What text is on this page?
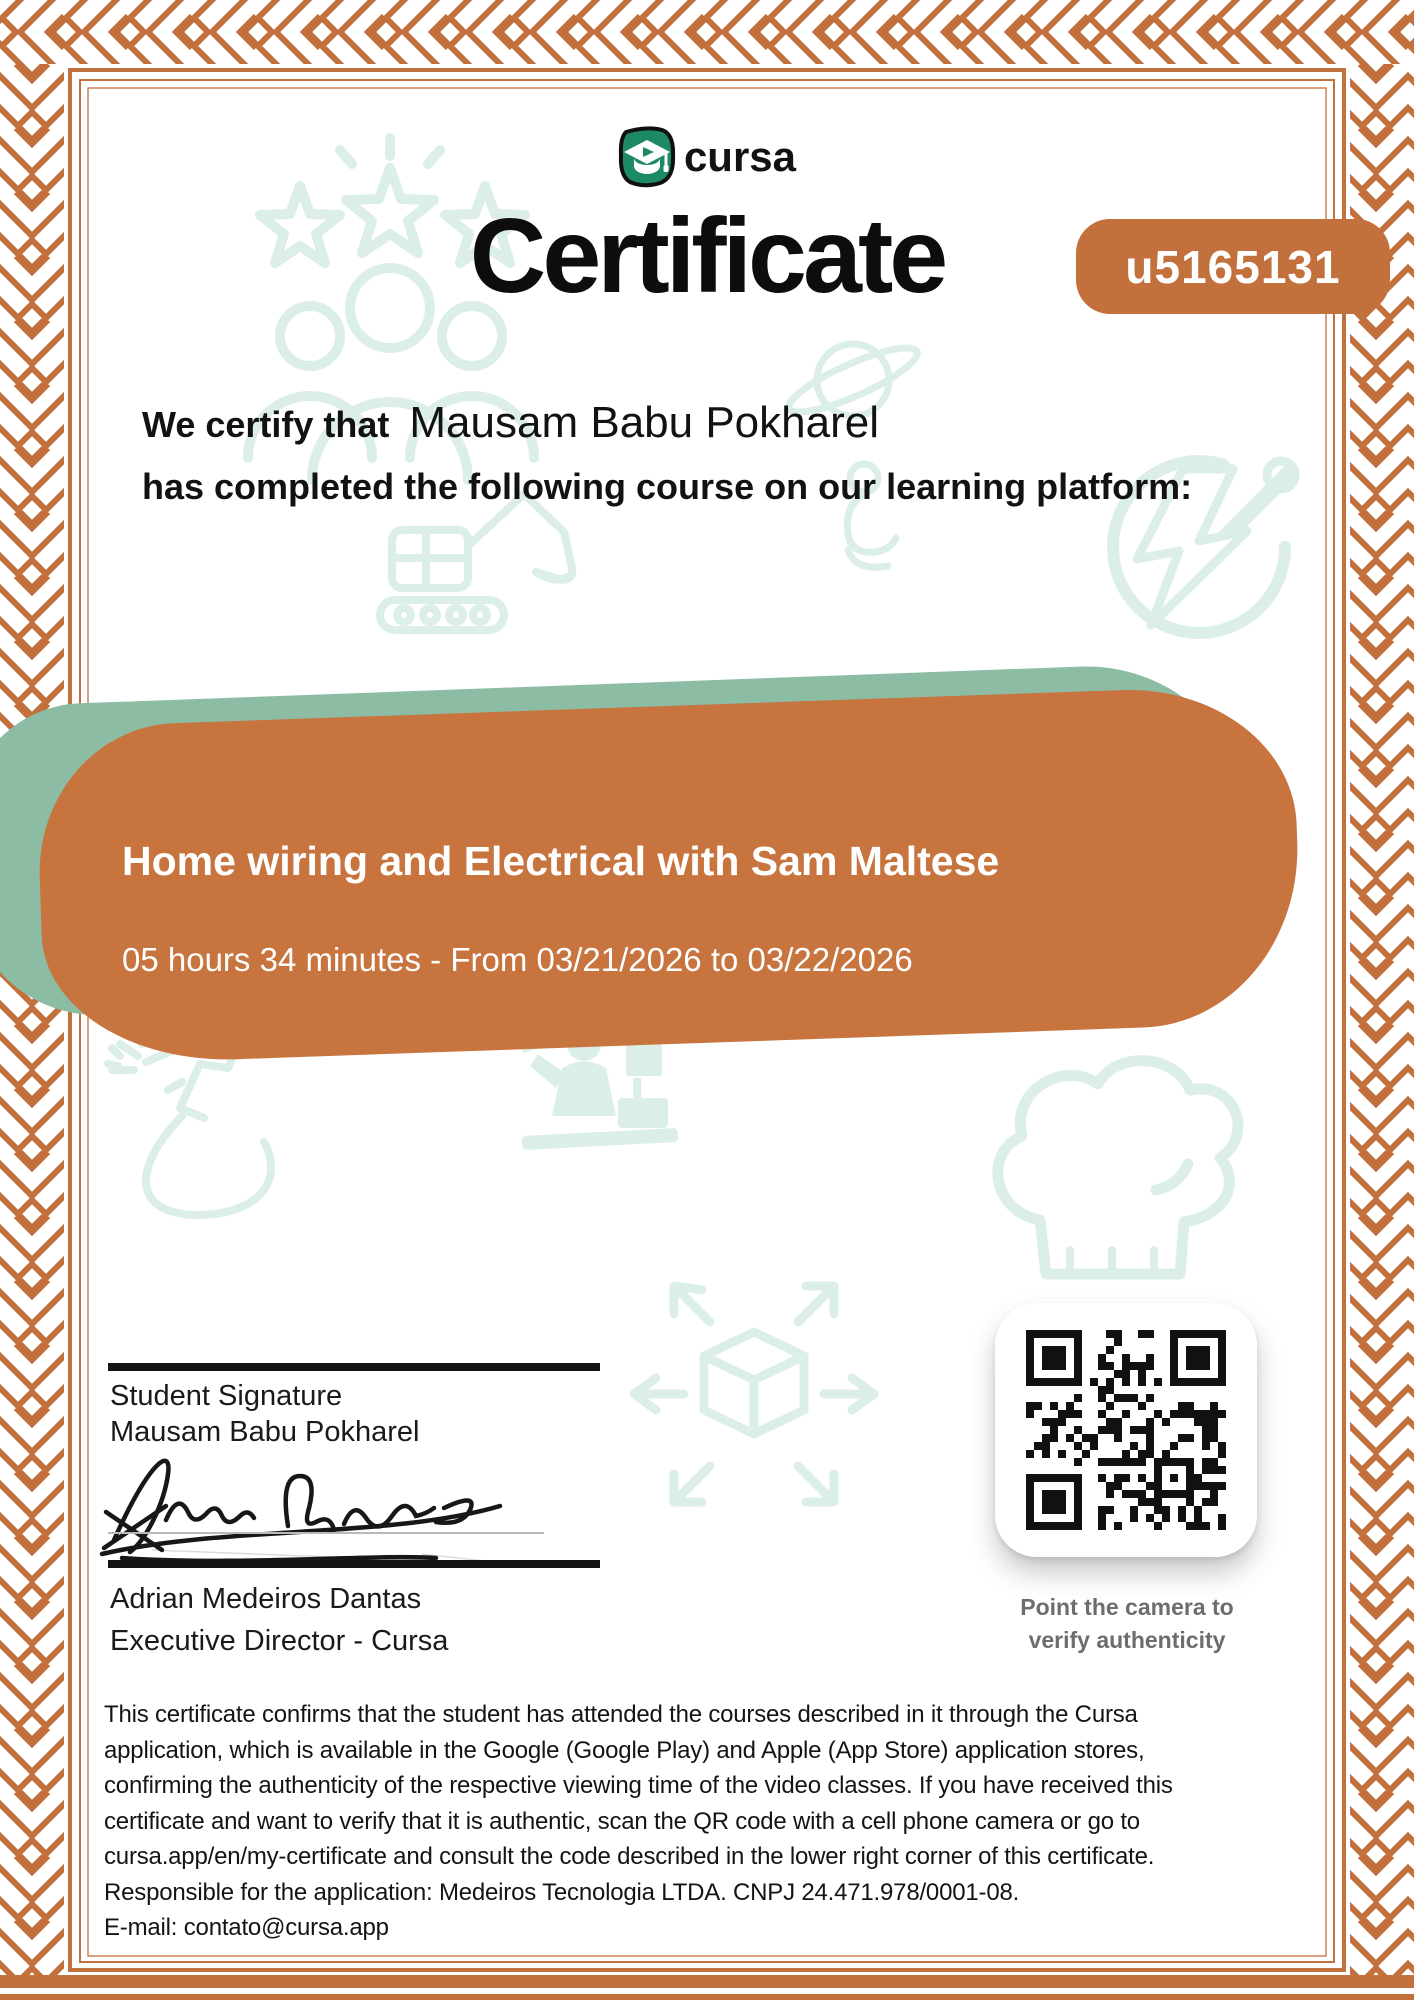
cursa
Certificate	u5165131
We certify that Mausam Babu Pokharel
has completed the following course on our learning platform:
Home wiring and Electrical with Sam Maltese
05 hours 34 minutes - From 03/21/2026 to 03/22/2026
Student Signature
Mausam Babu Pokharel
Adrian Medeiros Dantas
Executive Director - Cursa
Point the camera to
verify authenticity
This certificate confirms that the student has attended the courses described in it through the Cursa
application, which is available in the Google (Google Play) and Apple (App Store) application stores,
confirming the authenticity of the respective viewing time of the video classes. If you have received this
certificate and want to verify that it is authentic, scan the QR code with a cell phone camera or go to
cursa.app/en/my-certificate and consult the code described in the lower right corner of this certificate.
Responsible for the application: Medeiros Tecnologia LTDA. CNPJ 24.471.978/0001-08.
E-mail: contato@cursa.app
